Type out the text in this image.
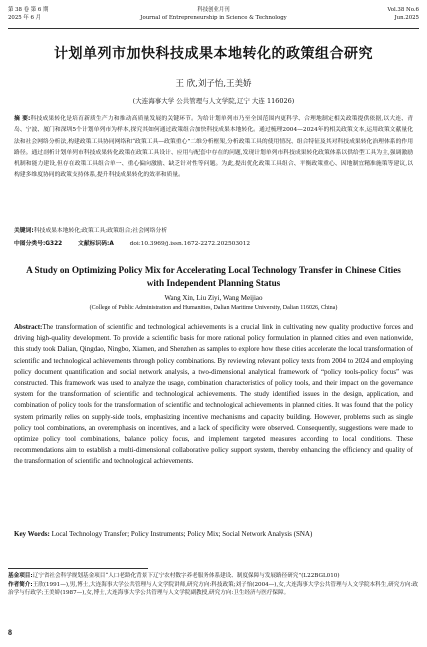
第 38 卷 第 6 期
2025 年 6 月
科技创业月刊
Journal of Entrepreneurship in Science & Technology
Vol.38 No.6
Jun.2025
计划单列市加快科技成果本地转化的政策组合研究
王 欣,刘子怡,王美娇
(大连海事大学 公共管理与人文学院,辽宁 大连 116026)
摘 要:科技成果转化是培育新质生产力和推动高质量发展的关键环节。为给计划单列市乃至全国范围内更科学、合理地制定相关政策提供依据,以大连、青岛、宁波、厦门和深圳5个计划单列市为样本,探究其如何通过政策组合加快科技成果本地转化。通过梳理2004—2024年的相关政策文本,运用政策文献量化法和社会网络分析法,构建政策工具协同网络和“政策工具—政策重心”二维分析框架,分析政策工具的使用情况、组合特征及其对科技成果转化治理体系的作用路径。通过剖析计划单列市科技成果转化政策在政策工具设计、应用与配套中存在的问题,发现计划单列市科技成果转化政策体系以供给型工具为主,强调激励机制和能力建设,但存在政策工具组合单一、重心偏向激励、缺乏针对性等问题。为此,提出优化政策工具组合、平衡政策重心、因地制宜精准施策等建议,以构建多维度协同的政策支持体系,提升科技成果转化的效率和质量。
关键词:科技成果本地转化;政策工具;政策组合;社会网络分析
中图分类号:G322	文献标识码:A	doi:10.3969/j.issn.1672-2272.202503012
A Study on Optimizing Policy Mix for Accelerating Local Technology Transfer in Chinese Cities with Independent Planning Status
Wang Xin, Liu Ziyi, Wang Meijiao
(College of Public Administration and Humanities, Dalian Maritime University, Dalian 116026, China)
Abstract:The transformation of scientific and technological achievements is a crucial link in cultivating new quality productive forces and driving high-quality development. To provide a scientific basis for more rational policy formulation in planned cities and even nationwide, this study took Dalian, Qingdao, Ningbo, Xiamen, and Shenzhen as samples to explore how these cities accelerate the local transformation of scientific and technological achievements through policy combinations. By reviewing relevant policy texts from 2004 to 2024 and employing policy document quantification and social network analysis, a two-dimensional analytical framework of “policy tools-policy focus” was constructed. This framework was used to analyze the usage, combination characteristics of policy tools, and their impact on the governance system for the transformation of scientific and technological achievements. The study identified issues in the design, application, and combination of policy tools for the transformation of scientific and technological achievements in planned cities. It was found that the policy system primarily relies on supply-side tools, emphasizing incentive mechanisms and capacity building. However, problems such as single policy tool combinations, an overemphasis on incentives, and a lack of specificity were observed. Consequently, suggestions were made to optimize policy tool combinations, balance policy focus, and implement targeted measures according to local conditions. These recommendations aim to establish a multi-dimensional collaborative policy support system, thereby enhancing the efficiency and quality of the transformation of scientific and technological achievements.
Key Words: Local Technology Transfer; Policy Instruments; Policy Mix; Social Network Analysis (SNA)
基金项目:辽宁省社会科学规划基金项目“人口老龄化背景下辽宁农村数字养老服务体系建设、制度保障与发展路径研究”(L22BGL010)
作者简介:王欣(1991—),男,博士,大连海事大学公共管理与人文学院讲师,研究方向:科技政策;刘子怡(2004—),女,大连海事大学公共管理与人文学院本科生,研究方向:政治学与行政学;王美娇(1987—),女,博士,大连海事大学公共管理与人文学院副教授,研究方向:卫生经济与医疗保障。
8
